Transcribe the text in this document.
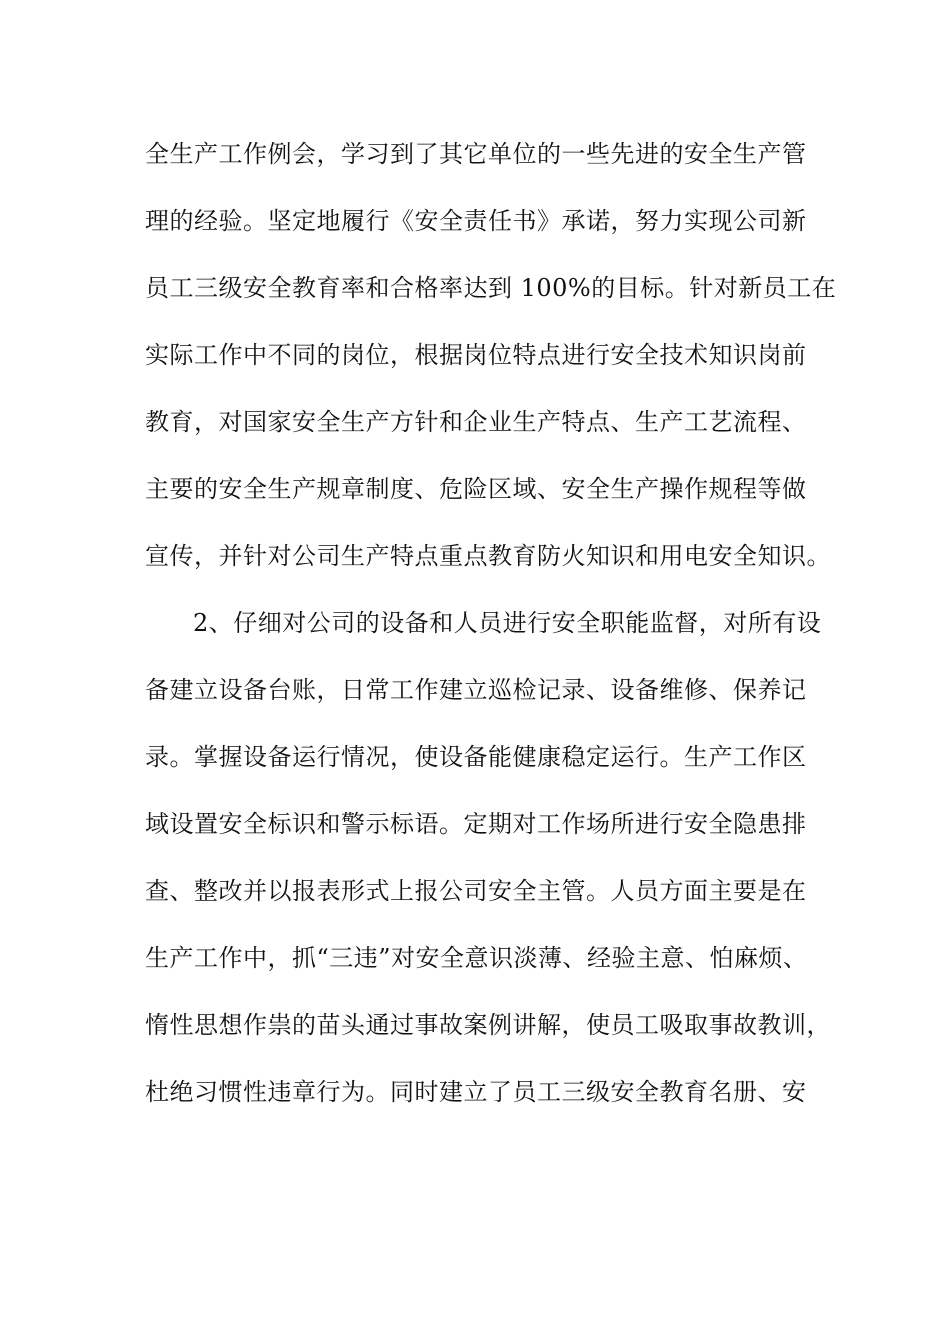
全生产工作例会，学习到了其它单位的一些先进的安全生产管
理的经验。坚定地履行《安全责任书》承诺，努力实现公司新
员工三级安全教育率和合格率达到 100%的目标。针对新员工在
实际工作中不同的岗位，根据岗位特点进行安全技术知识岗前
教育，对国家安全生产方针和企业生产特点、生产工艺流程、
主要的安全生产规章制度、危险区域、安全生产操作规程等做
宣传，并针对公司生产特点重点教育防火知识和用电安全知识。
2、仔细对公司的设备和人员进行安全职能监督，对所有设
备建立设备台账，日常工作建立巡检记录、设备维修、保养记
录。掌握设备运行情况，使设备能健康稳定运行。生产工作区
域设置安全标识和警示标语。定期对工作场所进行安全隐患排
查、整改并以报表形式上报公司安全主管。人员方面主要是在
生产工作中，抓“三违”对安全意识淡薄、经验主意、怕麻烦、
惰性思想作祟的苗头通过事故案例讲解，使员工吸取事故教训，
杜绝习惯性违章行为。同时建立了员工三级安全教育名册、安
